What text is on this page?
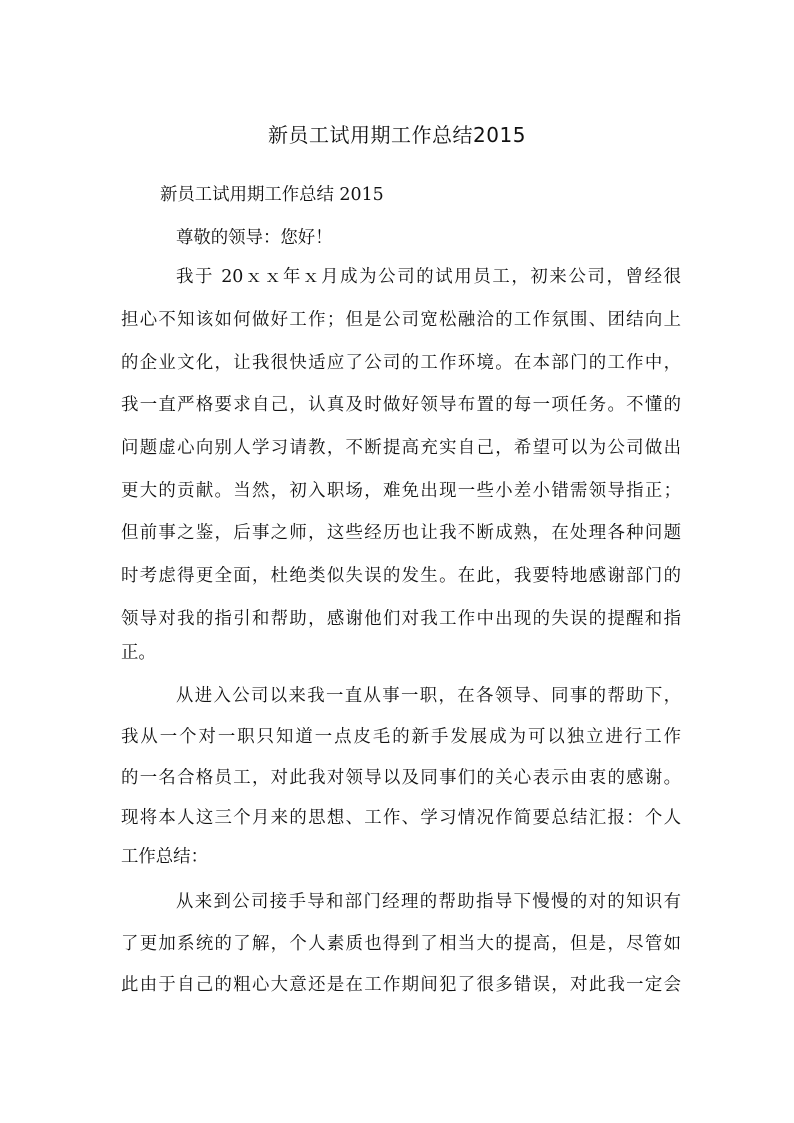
新员工试用期工作总结2015

新员工试用期工作总结 2015

尊敬的领导：您好！

我于 20ｘｘ年ｘ月成为公司的试用员工，初来公司，曾经很

担心不知该如何做好工作；但是公司宽松融洽的工作氛围、团结向上

的企业文化，让我很快适应了公司的工作环境。在本部门的工作中，

我一直严格要求自己，认真及时做好领导布置的每一项任务。不懂的

问题虚心向别人学习请教，不断提高充实自己，希望可以为公司做出

更大的贡献。当然，初入职场，难免出现一些小差小错需领导指正；

但前事之鉴，后事之师，这些经历也让我不断成熟，在处理各种问题

时考虑得更全面，杜绝类似失误的发生。在此，我要特地感谢部门的

领导对我的指引和帮助，感谢他们对我工作中出现的失误的提醒和指

正。

从进入公司以来我一直从事一职，在各领导、同事的帮助下，

我从一个对一职只知道一点皮毛的新手发展成为可以独立进行工作

的一名合格员工，对此我对领导以及同事们的关心表示由衷的感谢。

现将本人这三个月来的思想、工作、学习情况作简要总结汇报：个人

工作总结：

从来到公司接手导和部门经理的帮助指导下慢慢的对的知识有

了更加系统的了解，个人素质也得到了相当大的提高，但是，尽管如

此由于自己的粗心大意还是在工作期间犯了很多错误，对此我一定会
